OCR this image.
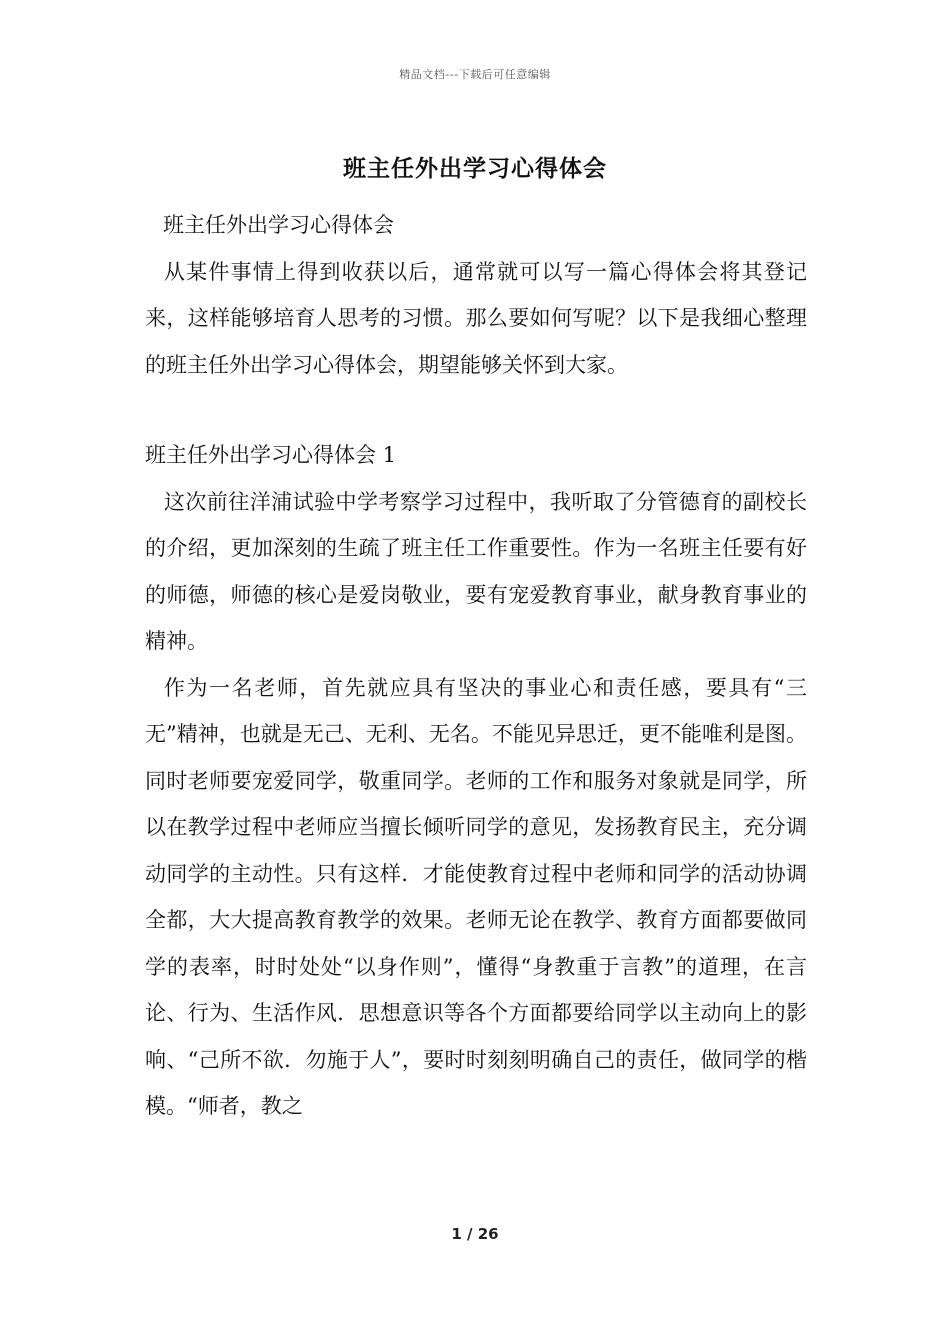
精品文档---下载后可任意编辑
班主任外出学习心得体会

班主任外出学习心得体会

从某件事情上得到收获以后，通常就可以写一篇心得体会将其登记来，这样能够培育人思考的习惯。那么要如何写呢？以下是我细心整理的班主任外出学习心得体会，期望能够关怀到大家。

班主任外出学习心得体会 1

这次前往洋浦试验中学考察学习过程中，我听取了分管德育的副校长的介绍，更加深刻的生疏了班主任工作重要性。作为一名班主任要有好的师德，师德的核心是爱岗敬业，要有宠爱教育事业，献身教育事业的精神。

作为一名老师，首先就应具有坚决的事业心和责任感，要具有“三无”精神，也就是无己、无利、无名。不能见异思迁，更不能唯利是图。同时老师要宠爱同学，敬重同学。老师的工作和服务对象就是同学，所以在教学过程中老师应当擅长倾听同学的意见，发扬教育民主，充分调动同学的主动性。只有这样．才能使教育过程中老师和同学的活动协调全都，大大提高教育教学的效果。老师无论在教学、教育方面都要做同学的表率，时时处处“以身作则”，懂得“身教重于言教”的道理，在言论、行为、生活作风．思想意识等各个方面都要给同学以主动向上的影响、“己所不欲．勿施于人”，要时时刻刻明确自己的责任，做同学的楷模。“师者，教之

1 / 26
